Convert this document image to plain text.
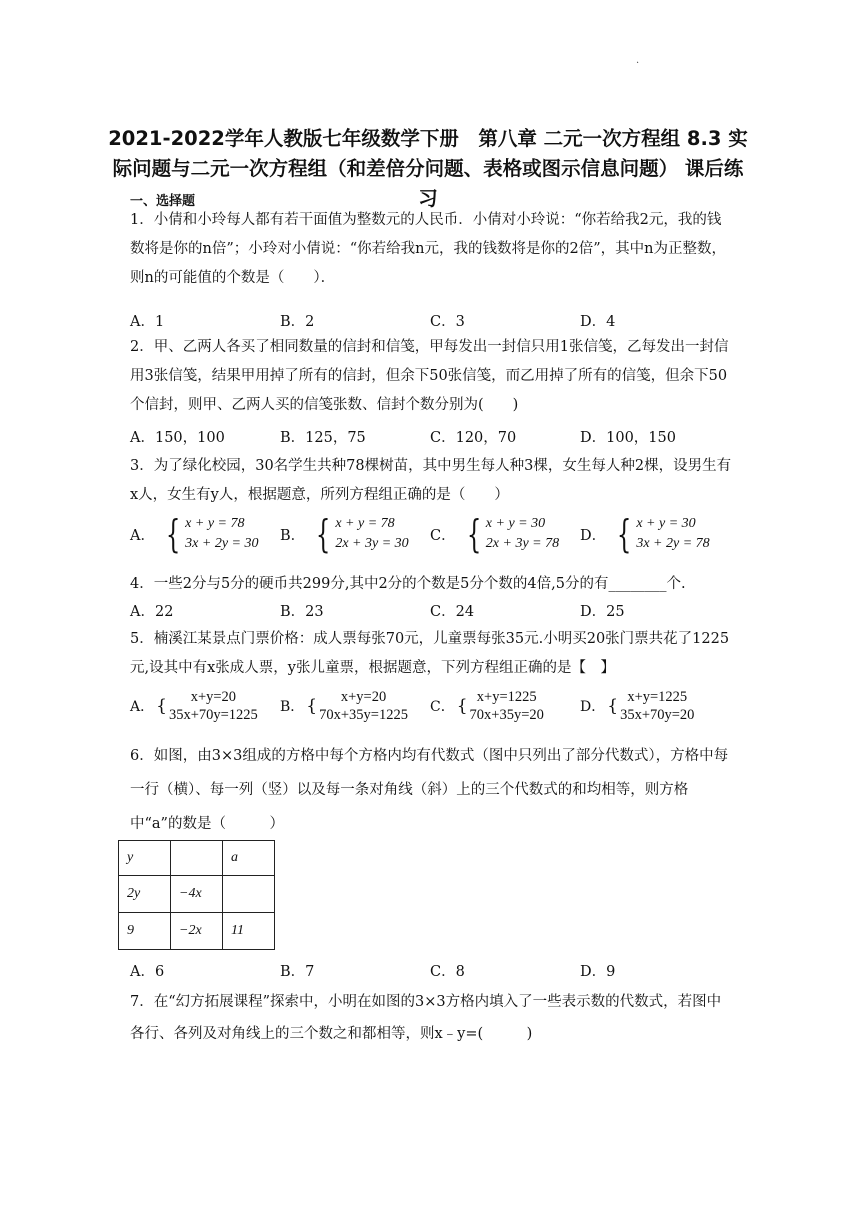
·
2021-2022学年人教版七年级数学下册　第八章 二元一次方程组 8.3 实际问题与二元一次方程组（和差倍分问题、表格或图示信息问题） 课后练习
一、选择题
1．小倩和小玲每人都有若干面值为整数元的人民币．小倩对小玲说：“你若给我2元，我的钱数将是你的n倍”；小玲对小倩说：“你若给我n元，我的钱数将是你的2倍”，其中n为正整数，则n的可能值的个数是（　　）．
A．1	B．2	C．3	D．4
2．甲、乙两人各买了相同数量的信封和信笺，甲每发出一封信只用1张信笺，乙每发出一封信用3张信笺，结果甲用掉了所有的信封，但余下50张信笺，而乙用掉了所有的信笺，但余下50个信封，则甲、乙两人买的信笺张数、信封个数分别为(　　)
A．150，100	B．125，75	C．120，70	D．100，150
3．为了绿化校园，30名学生共种78棵树苗，其中男生每人种3棵，女生每人种2棵，设男生有x人，女生有y人，根据题意，所列方程组正确的是（　　）
A． { x + y = 78
3x + 2y = 30 B． { x + y = 78
2x + 3y = 30 C． { x + y = 30
2x + 3y = 78 D． { x + y = 30
3x + 2y = 78
4．一些2分与5分的硬币共299分,其中2分的个数是5分个数的4倍,5分的有________个.
A．22	B．23	C．24	D．25
5．楠溪江某景点门票价格：成人票每张70元，儿童票每张35元.小明买20张门票共花了1225元,设其中有x张成人票，y张儿童票，根据题意，下列方程组正确的是【　】
A． {	x+y=20
35x+70y=1225 B． {	x+y=20
70x+35y=1225 C． { x+y=1225
70x+35y=20	D． { x+y=1225
35x+70y=20
6．如图，由3×3组成的方格中每个方格内均有代数式（图中只列出了部分代数式），方格中每一行（横）、每一列（竖）以及每一条对角线（斜）上的三个代数式的和均相等，则方格中“a”的数是（　　　）
y		a
2y	−4x	
9	−2x	11
A．6	B．7	C．8	D．9
7．在“幻方拓展课程”探索中，小明在如图的3×3方格内填入了一些表示数的代数式，若图中各行、各列及对角线上的三个数之和都相等，则x﹣y=(　　　)
